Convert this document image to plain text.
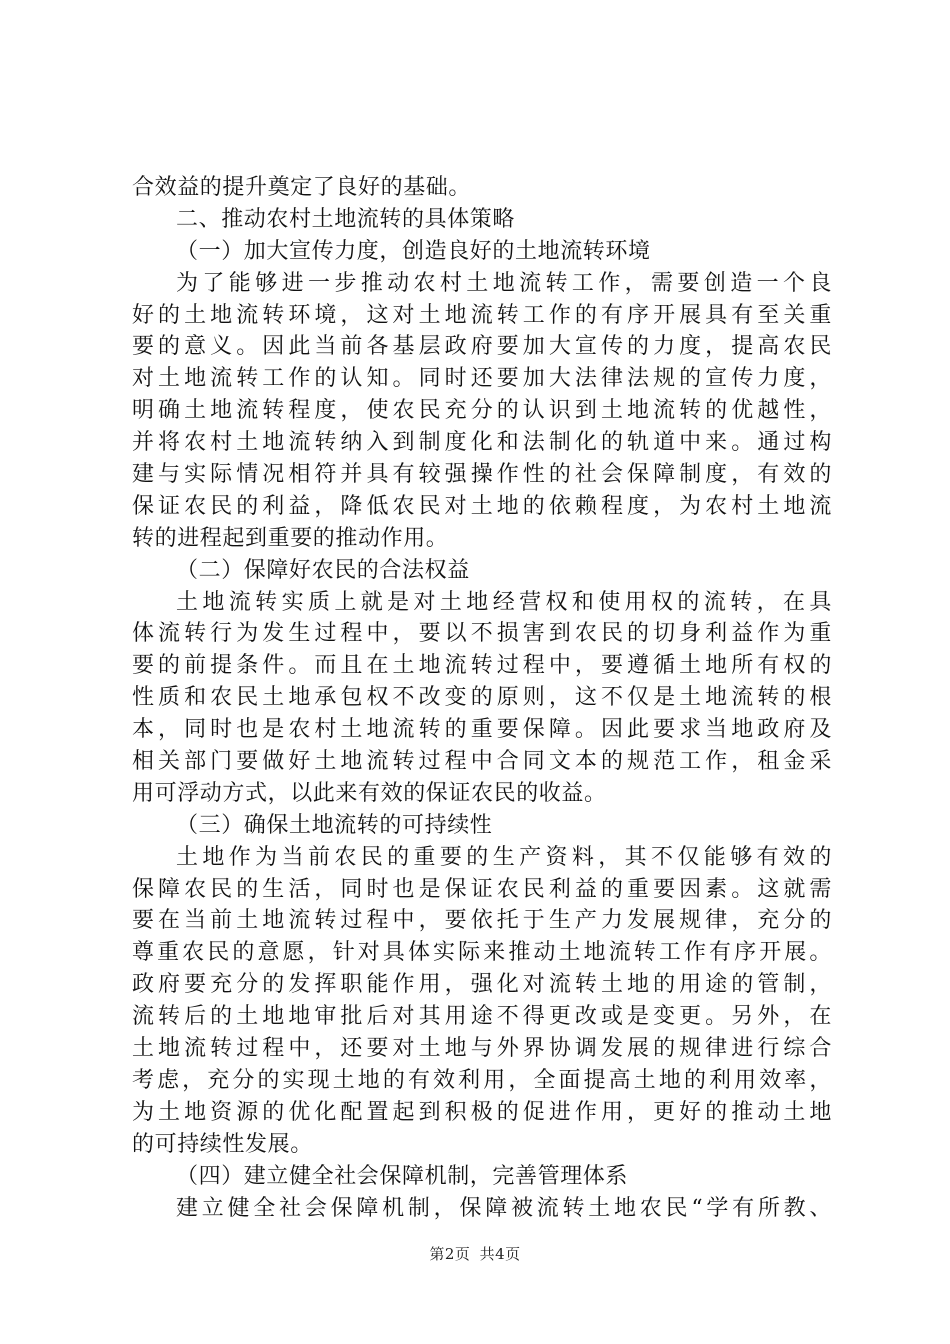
合效益的提升奠定了良好的基础。
二、推动农村土地流转的具体策略
（一）加大宣传力度，创造良好的土地流转环境
为了能够进一步推动农村土地流转工作，需要创造一个良
好的土地流转环境，这对土地流转工作的有序开展具有至关重
要的意义。因此当前各基层政府要加大宣传的力度，提高农民
对土地流转工作的认知。同时还要加大法律法规的宣传力度，
明确土地流转程度，使农民充分的认识到土地流转的优越性，
并将农村土地流转纳入到制度化和法制化的轨道中来。通过构
建与实际情况相符并具有较强操作性的社会保障制度，有效的
保证农民的利益，降低农民对土地的依赖程度，为农村土地流
转的进程起到重要的推动作用。
（二）保障好农民的合法权益
土地流转实质上就是对土地经营权和使用权的流转，在具
体流转行为发生过程中，要以不损害到农民的切身利益作为重
要的前提条件。而且在土地流转过程中，要遵循土地所有权的
性质和农民土地承包权不改变的原则，这不仅是土地流转的根
本，同时也是农村土地流转的重要保障。因此要求当地政府及
相关部门要做好土地流转过程中合同文本的规范工作，租金采
用可浮动方式，以此来有效的保证农民的收益。
（三）确保土地流转的可持续性
土地作为当前农民的重要的生产资料，其不仅能够有效的
保障农民的生活，同时也是保证农民利益的重要因素。这就需
要在当前土地流转过程中，要依托于生产力发展规律，充分的
尊重农民的意愿，针对具体实际来推动土地流转工作有序开展。
政府要充分的发挥职能作用，强化对流转土地的用途的管制，
流转后的土地地审批后对其用途不得更改或是变更。另外，在
土地流转过程中，还要对土地与外界协调发展的规律进行综合
考虑，充分的实现土地的有效利用，全面提高土地的利用效率，
为土地资源的优化配置起到积极的促进作用，更好的推动土地
的可持续性发展。
（四）建立健全社会保障机制，完善管理体系
建立健全社会保障机制，保障被流转土地农民“学有所教、
第2页 共4页
